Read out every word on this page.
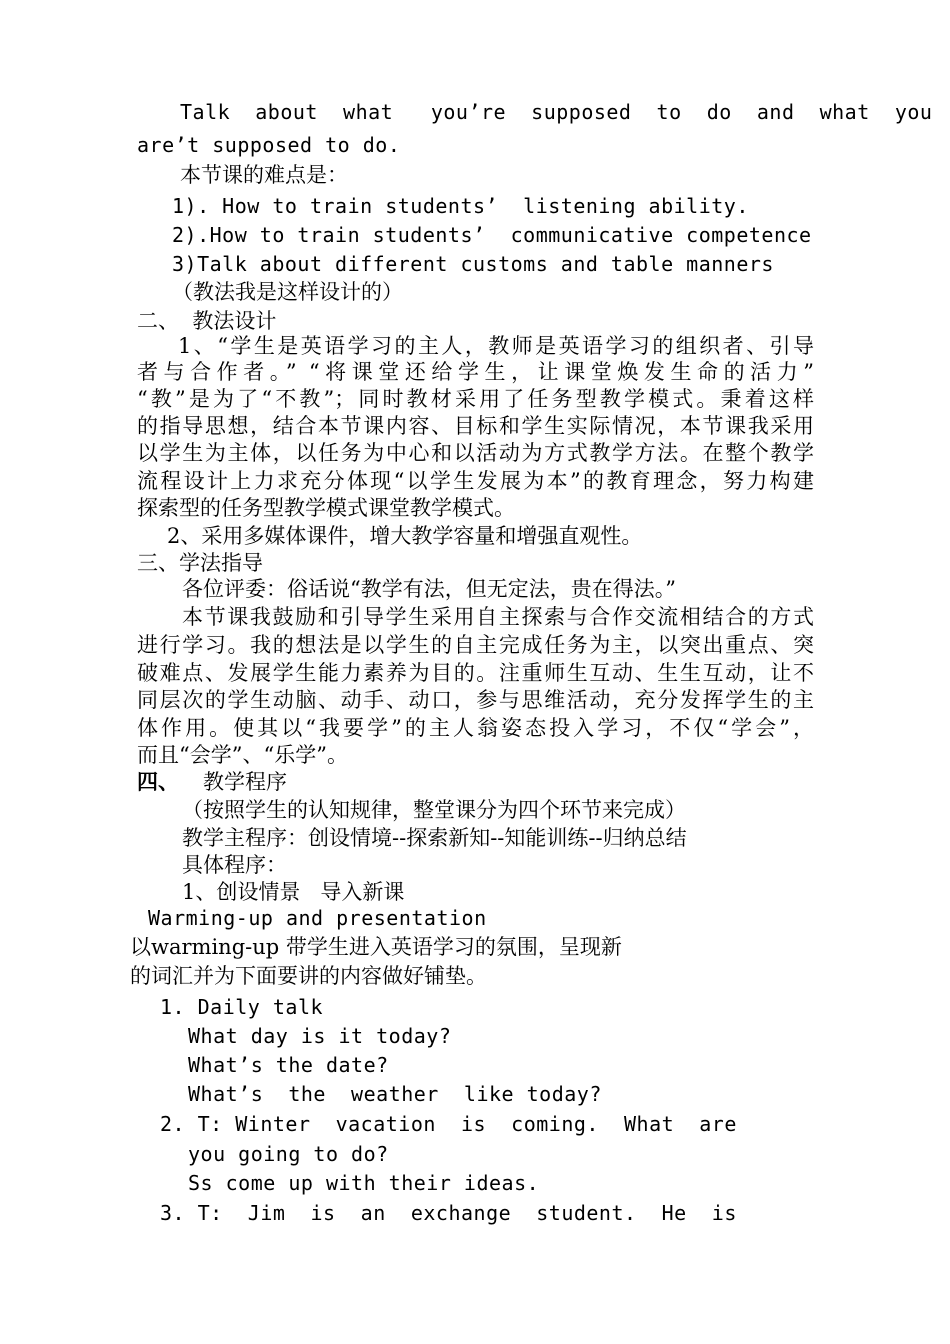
Talk  about  what   you’re  supposed  to  do  and  what  you
are’t supposed to do.
本节课的难点是：
1). How to train students’  listening ability.
2).How to train students’  communicative competence
3)Talk about different customs and table manners
（教法我是这样设计的）
二、  教法设计
1、“学生是英语学习的主人，教师是英语学习的组织者、引导
者与合作者。” “将课堂还给学生，让课堂焕发生命的活力”
“教”是为了“不教”；同时教材采用了任务型教学模式。秉着这样
的指导思想，结合本节课内容、目标和学生实际情况，本节课我采用
以学生为主体，以任务为中心和以活动为方式教学方法。在整个教学
流程设计上力求充分体现“以学生发展为本”的教育理念，努力构建
探索型的任务型教学模式课堂教学模式。
2、采用多媒体课件，增大教学容量和增强直观性。
三、学法指导
各位评委：俗话说“教学有法，但无定法，贵在得法。”
本节课我鼓励和引导学生采用自主探索与合作交流相结合的方式
进行学习。我的想法是以学生的自主完成任务为主，以突出重点、突
破难点、发展学生能力素养为目的。注重师生互动、生生互动，让不
同层次的学生动脑、动手、动口，参与思维活动，充分发挥学生的主
体作用。使其以“我要学”的主人翁姿态投入学习，不仅“学会”，
而且“会学”、“乐学”。
四、 教学程序
（按照学生的认知规律，整堂课分为四个环节来完成）
教学主程序：创设情境--探索新知--知能训练--归纳总结
具体程序：
1、创设情景   导入新课
Warming-up and presentation
以warming-up 带学生进入英语学习的氛围，呈现新
的词汇并为下面要讲的内容做好铺垫。
1. Daily talk
What day is it today?
What’s the date?
What’s  the  weather  like today?
2. T: Winter  vacation  is  coming.  What  are
you going to do?
Ss come up with their ideas.
3. T:  Jim  is  an  exchange  student.  He  is
